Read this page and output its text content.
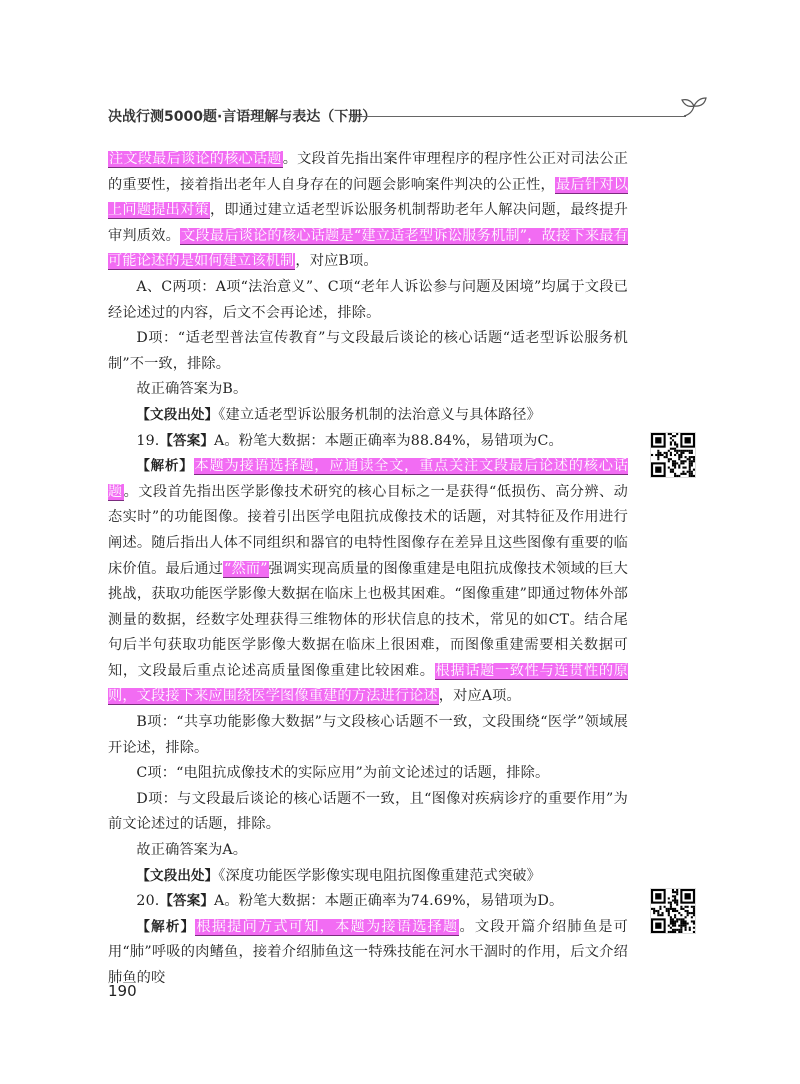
决战行测5000题·言语理解与表达（下册）

注文段最后谈论的核心话题。文段首先指出案件审理程序的程序性公正对司法公正的重要性，接着指出老年人自身存在的问题会影响案件判决的公正性，最后针对以上问题提出对策，即通过建立适老型诉讼服务机制帮助老年人解决问题，最终提升审判质效。文段最后谈论的核心话题是“建立适老型诉讼服务机制”，故接下来最有可能论述的是如何建立该机制，对应B项。

A、C两项：A项“法治意义”、C项“老年人诉讼参与问题及困境”均属于文段已经论述过的内容，后文不会再论述，排除。

D项：“适老型普法宣传教育”与文段最后谈论的核心话题“适老型诉讼服务机制”不一致，排除。

故正确答案为B。

【文段出处】《建立适老型诉讼服务机制的法治意义与具体路径》

19.【答案】A。粉笔大数据：本题正确率为88.84%，易错项为C。

【解析】本题为接语选择题，应通读全文，重点关注文段最后论述的核心话题。文段首先指出医学影像技术研究的核心目标之一是获得“低损伤、高分辨、动态实时”的功能图像。接着引出医学电阻抗成像技术的话题，对其特征及作用进行阐述。随后指出人体不同组织和器官的电特性图像存在差异且这些图像有重要的临床价值。最后通过“然而”强调实现高质量的图像重建是电阻抗成像技术领域的巨大挑战，获取功能医学影像大数据在临床上也极其困难。“图像重建”即通过物体外部测量的数据，经数字处理获得三维物体的形状信息的技术，常见的如CT。结合尾句后半句获取功能医学影像大数据在临床上很困难，而图像重建需要相关数据可知，文段最后重点论述高质量图像重建比较困难。根据话题一致性与连贯性的原则，文段接下来应围绕医学图像重建的方法进行论述，对应A项。

B项：“共享功能影像大数据”与文段核心话题不一致，文段围绕“医学”领域展开论述，排除。

C项：“电阻抗成像技术的实际应用”为前文论述过的话题，排除。

D项：与文段最后谈论的核心话题不一致，且“图像对疾病诊疗的重要作用”为前文论述过的话题，排除。

故正确答案为A。

【文段出处】《深度功能医学影像实现电阻抗图像重建范式突破》

20.【答案】A。粉笔大数据：本题正确率为74.69%，易错项为D。

【解析】根据提问方式可知，本题为接语选择题。文段开篇介绍肺鱼是可用“肺”呼吸的肉鳍鱼，接着介绍肺鱼这一特殊技能在河水干涸时的作用，后文介绍肺鱼的咬

190
